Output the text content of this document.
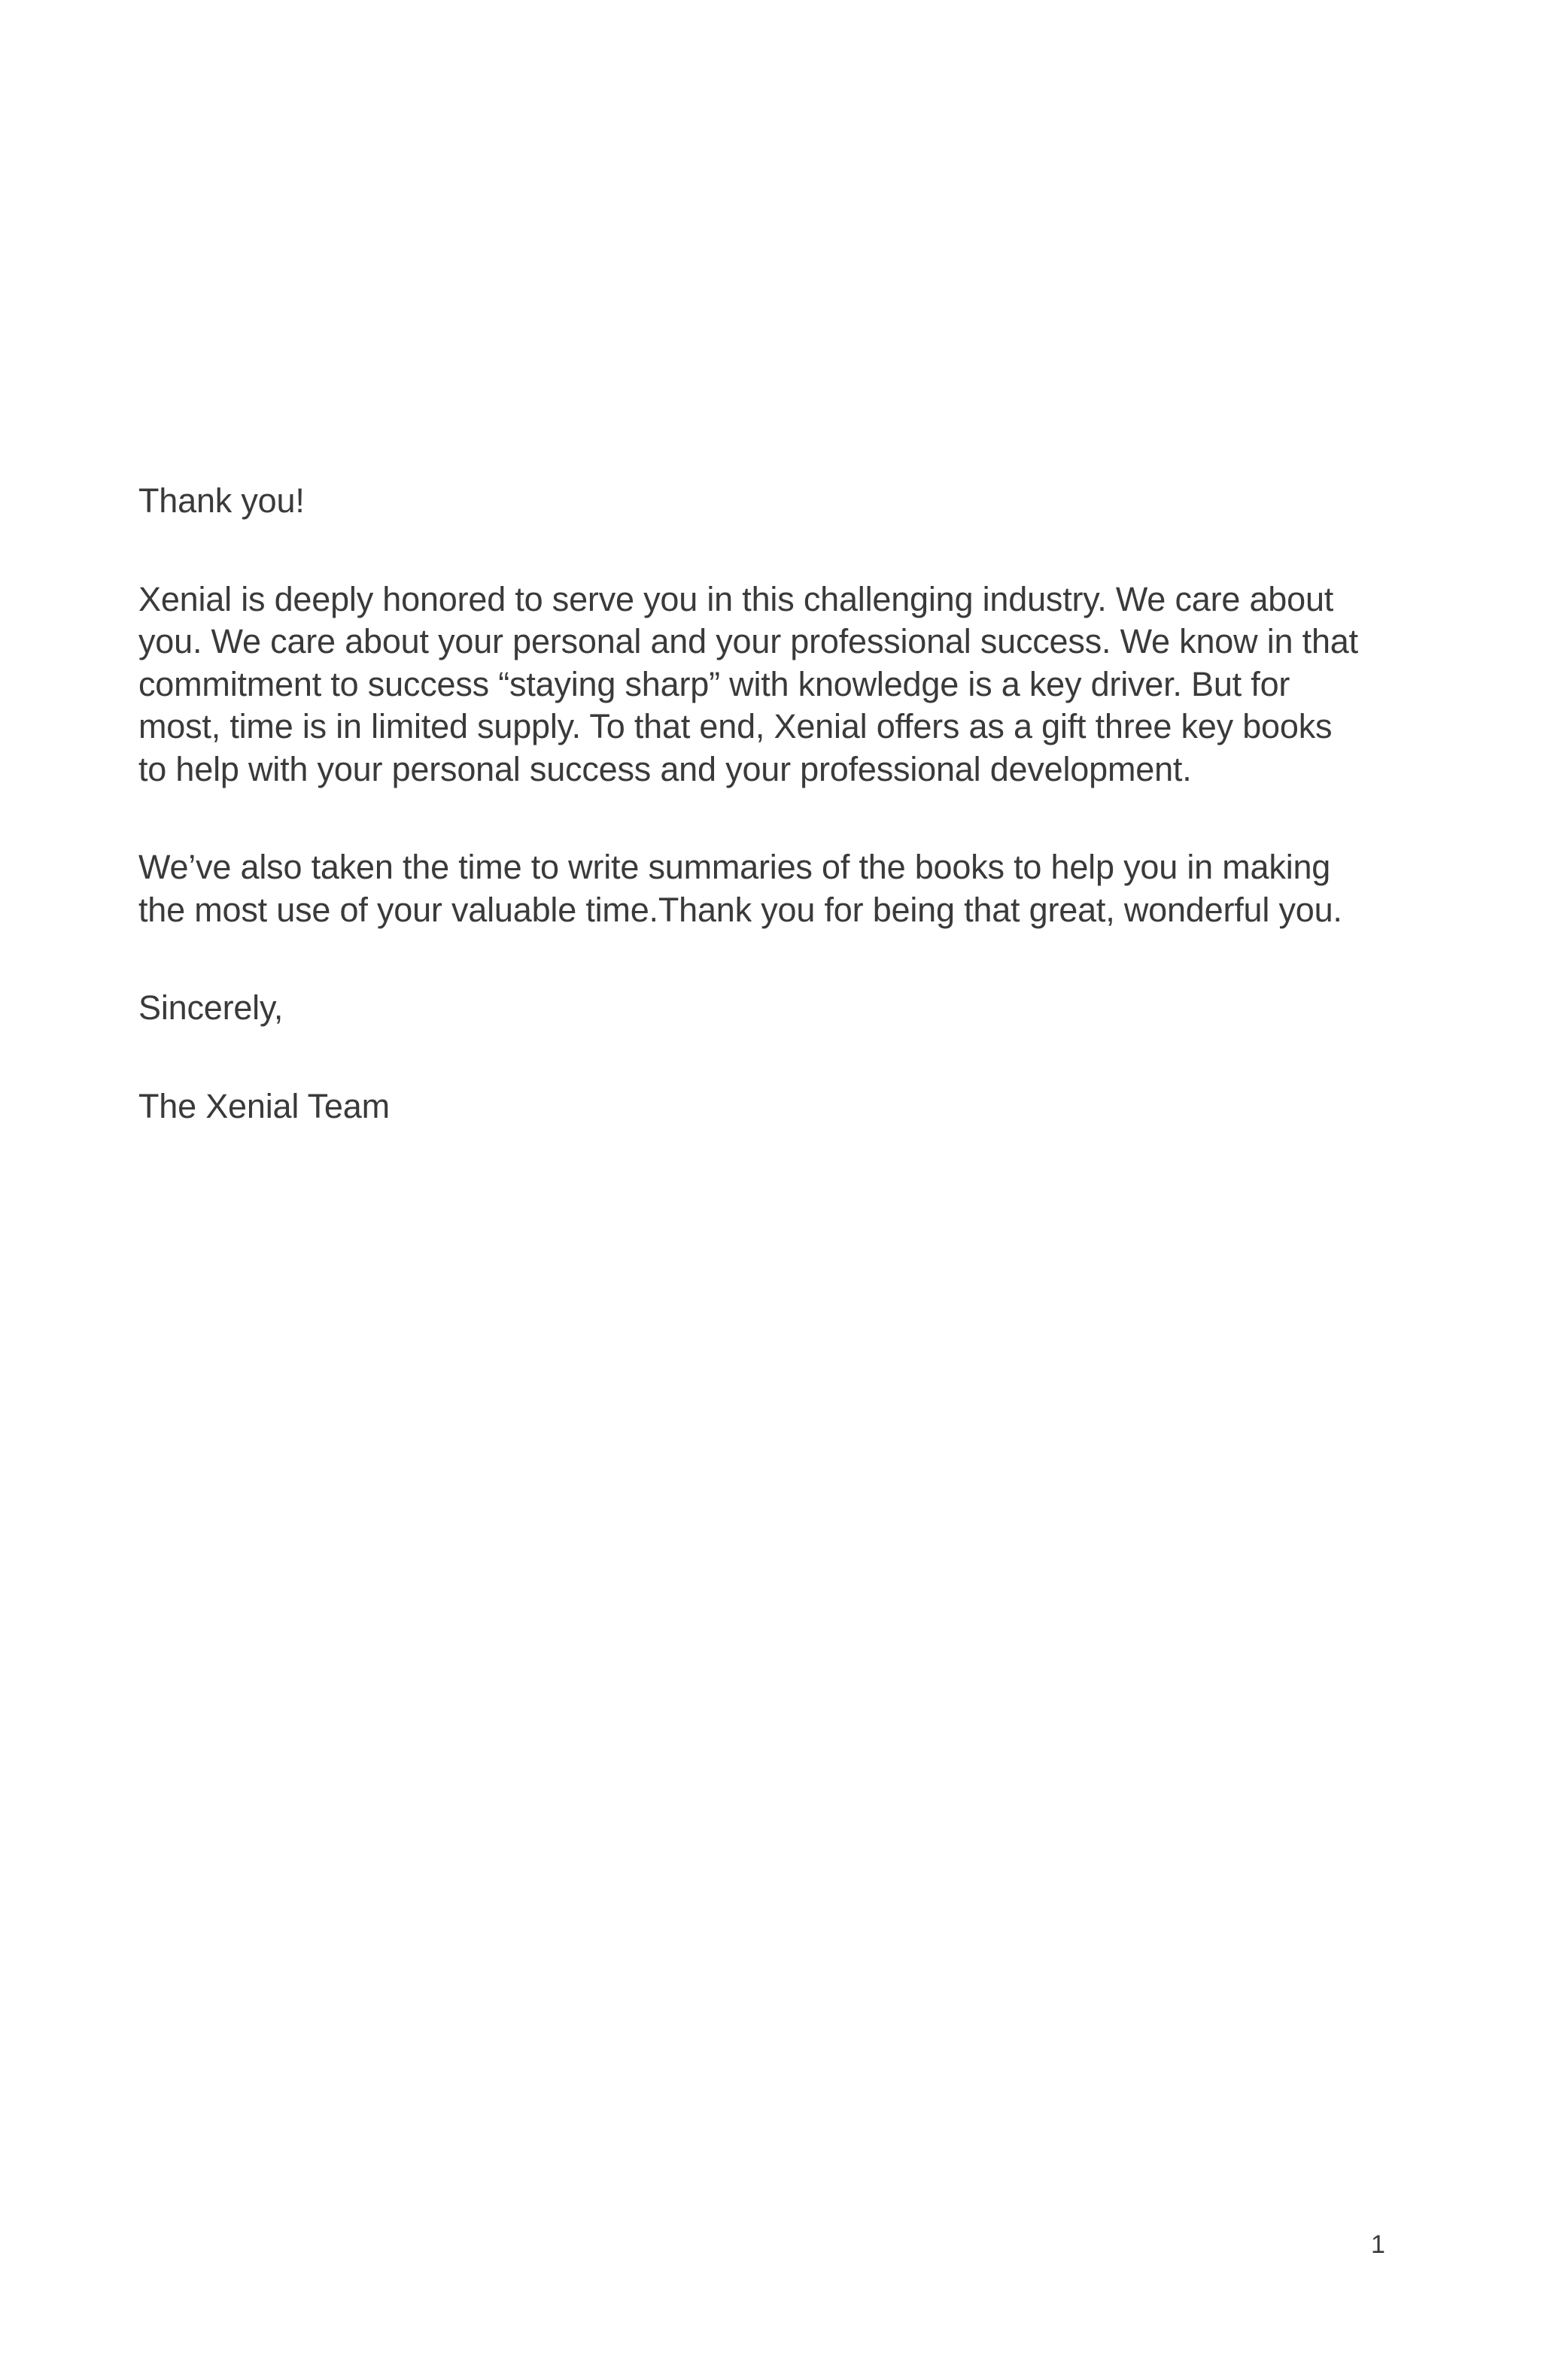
Thank you!

Xenial is deeply honored to serve you in this challenging industry. We care about
you. We care about your personal and your professional success. We know in that
commitment to success “staying sharp” with knowledge is a key driver. But for
most, time is in limited supply. To that end, Xenial offers as a gift three key books
to help with your personal success and your professional development.

We’ve also taken the time to write summaries of the books to help you in making
the most use of your valuable time.Thank you for being that great, wonderful you.

Sincerely,

The Xenial Team

1
